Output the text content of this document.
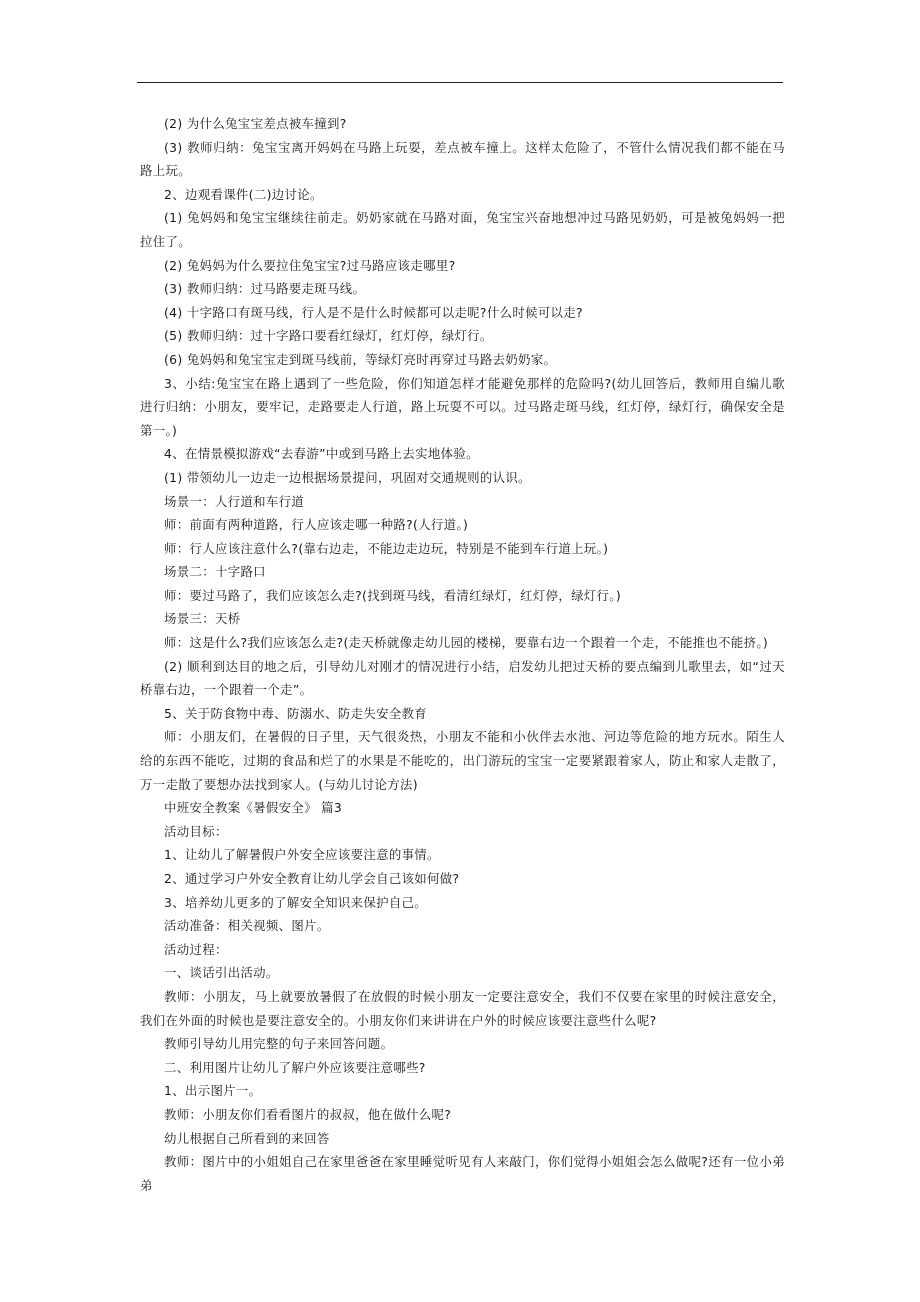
(2) 为什么兔宝宝差点被车撞到?

(3) 教师归纳：兔宝宝离开妈妈在马路上玩耍，差点被车撞上。这样太危险了，不管什么情况我们都不能在马路上玩。

2、边观看课件(二)边讨论。

(1) 兔妈妈和兔宝宝继续往前走。奶奶家就在马路对面，兔宝宝兴奋地想冲过马路见奶奶，可是被兔妈妈一把拉住了。

(2) 兔妈妈为什么要拉住兔宝宝?过马路应该走哪里?

(3) 教师归纳：过马路要走斑马线。

(4) 十字路口有斑马线，行人是不是什么时候都可以走呢?什么时候可以走?

(5) 教师归纳：过十字路口要看红绿灯，红灯停，绿灯行。

(6) 兔妈妈和兔宝宝走到斑马线前，等绿灯亮时再穿过马路去奶奶家。

3、小结:兔宝宝在路上遇到了一些危险，你们知道怎样才能避免那样的危险吗?(幼儿回答后，教师用自编儿歌进行归纳：小朋友，要牢记，走路要走人行道，路上玩耍不可以。过马路走斑马线，红灯停，绿灯行，确保安全是第一。)

4、在情景模拟游戏“去春游”中或到马路上去实地体验。

(1) 带领幼儿一边走一边根据场景提问，巩固对交通规则的认识。

场景一：人行道和车行道

师：前面有两种道路，行人应该走哪一种路?(人行道。)

师：行人应该注意什么?(靠右边走，不能边走边玩，特别是不能到车行道上玩。)

场景二：十字路口

师：要过马路了，我们应该怎么走?(找到斑马线，看清红绿灯，红灯停，绿灯行。)

场景三：天桥

师：这是什么?我们应该怎么走?(走天桥就像走幼儿园的楼梯，要靠右边一个跟着一个走，不能推也不能挤。)

(2) 顺利到达目的地之后，引导幼儿对刚才的情况进行小结，启发幼儿把过天桥的要点编到儿歌里去，如“过天桥靠右边，一个跟着一个走”。

5、关于防食物中毒、防溺水、防走失安全教育

师：小朋友们，在暑假的日子里，天气很炎热，小朋友不能和小伙伴去水池、河边等危险的地方玩水。陌生人给的东西不能吃，过期的食品和烂了的水果是不能吃的，出门游玩的宝宝一定要紧跟着家人，防止和家人走散了，万一走散了要想办法找到家人。(与幼儿讨论方法)

中班安全教案《暑假安全》 篇3

活动目标：

1、让幼儿了解暑假户外安全应该要注意的事情。

2、通过学习户外安全教育让幼儿学会自己该如何做?

3、培养幼儿更多的了解安全知识来保护自己。

活动准备：相关视频、图片。

活动过程：

一、谈话引出活动。

教师：小朋友，马上就要放暑假了在放假的时候小朋友一定要注意安全，我们不仅要在家里的时候注意安全，我们在外面的时候也是要注意安全的。小朋友你们来讲讲在户外的时候应该要注意些什么呢?

教师引导幼儿用完整的句子来回答问题。

二、利用图片让幼儿了解户外应该要注意哪些?

1、出示图片一。

教师：小朋友你们看看图片的叔叔，他在做什么呢?

幼儿根据自己所看到的来回答

教师：图片中的小姐姐自己在家里爸爸在家里睡觉听见有人来敲门，你们觉得小姐姐会怎么做呢?还有一位小弟弟
